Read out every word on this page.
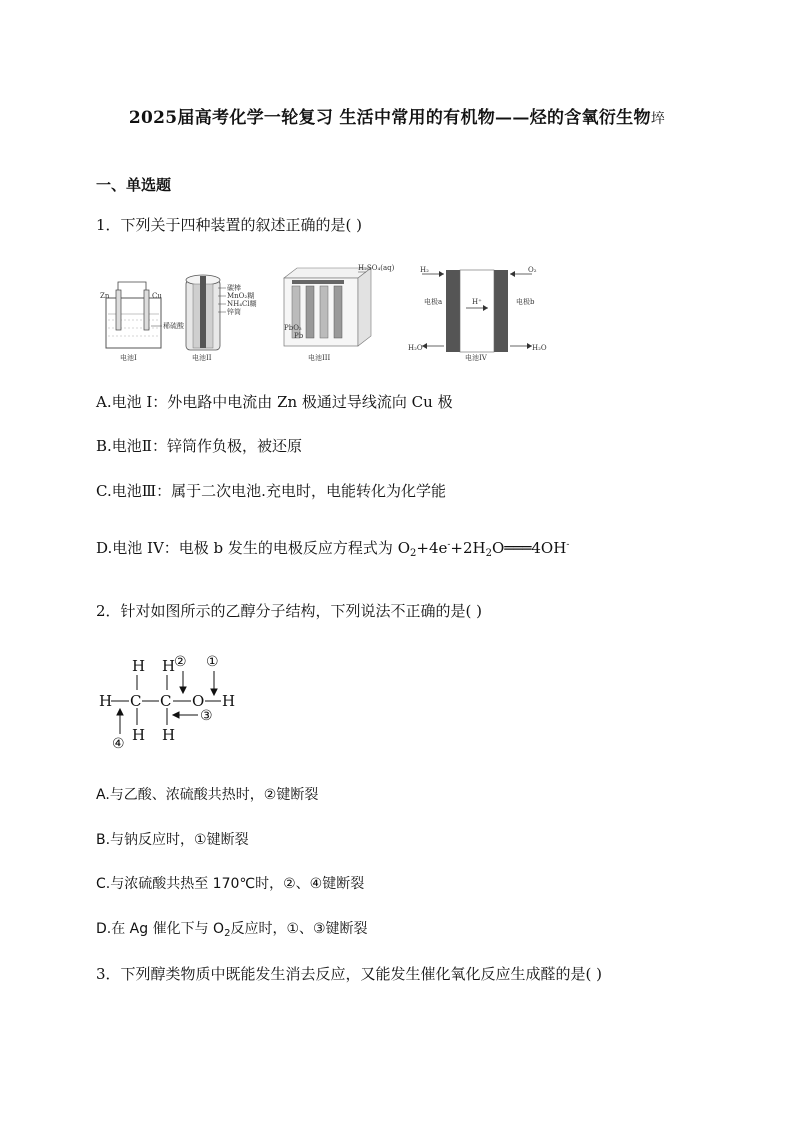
2025届高考化学一轮复习 生活中常用的有机物——烃的含氧衍生物埣
一、单选题
1．下列关于四种装置的叙述正确的是( )
Zn	Cu
稀硫酸
电池I
碳棒
MnO₂糊
NH₄Cl糊
锌筒
电池II
H₂SO₄(aq)
PbO₂
Pb
电池III
H₂	O₂
H⁺
H₂O	H₂O
电极a	电极b
电池IV
A.电池 I：外电路中电流由 Zn 极通过导线流向 Cu 极
B.电池Ⅱ：锌筒作负极，被还原
C.电池Ⅲ：属于二次电池.充电时，电能转化为化学能
D.电池 IV：电极 b 发生的电极反应方程式为 $O_2+4e^-+2H_2O═══4OH^-$
2．针对如图所示的乙醇分子结构，下列说法不正确的是( )
H C C O H
H H
H H
①
②
③
④
A.与乙酸、浓硫酸共热时，②键断裂
B.与钠反应时，①键断裂
C.与浓硫酸共热至 170℃时，②、④键断裂
D.在 Ag 催化下与 $O_2$反应时，①、③键断裂
3．下列醇类物质中既能发生消去反应，又能发生催化氧化反应生成醛的是( )
